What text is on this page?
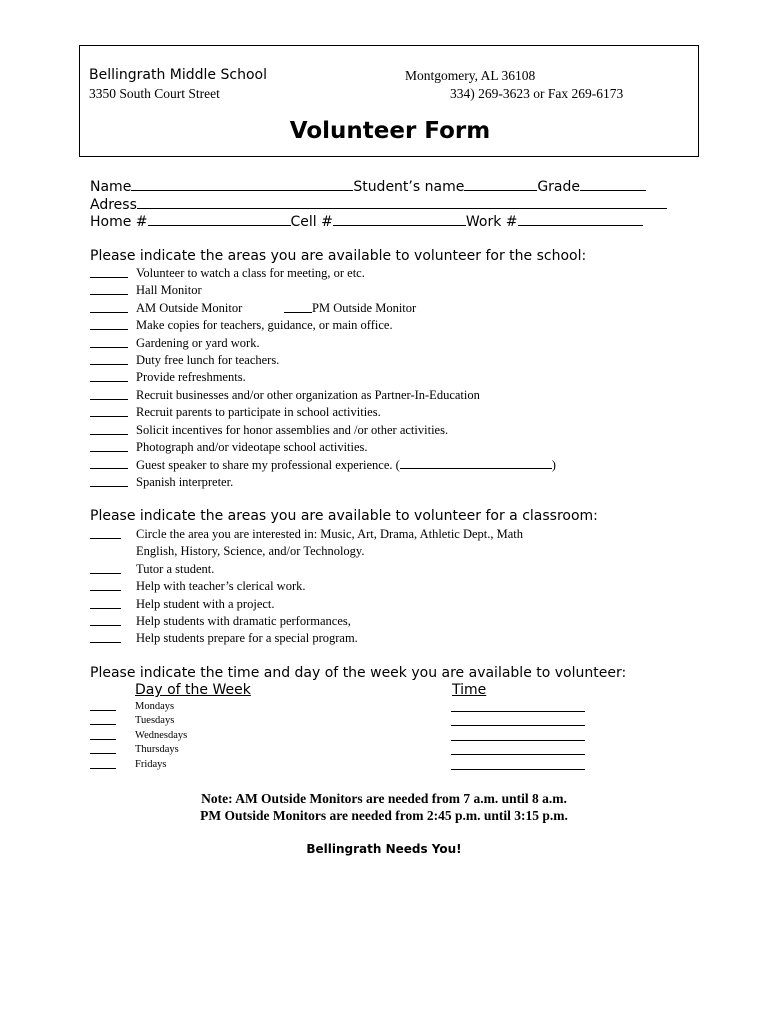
Bellingrath Middle School
3350 South Court Street
Montgomery, AL 36108
334) 269-3623 or Fax 269-6173
Volunteer Form
Name	Student’s name	Grade
Adress
Home #	Cell #	Work #
Please indicate the areas you are available to volunteer for the school:
Volunteer to watch a class for meeting, or etc.
Hall Monitor
AM Outside Monitor	PM Outside Monitor
Make copies for teachers, guidance, or main office.
Gardening or yard work.
Duty free lunch for teachers.
Provide refreshments.
Recruit businesses and/or other organization as Partner-In-Education
Recruit parents to participate in school activities.
Solicit incentives for honor assemblies and /or other activities.
Photograph and/or videotape school activities.
Guest speaker to share my professional experience. (	)
Spanish interpreter.
Please indicate the areas you are available to volunteer for a classroom:
Circle the area you are interested in: Music, Art, Drama, Athletic Dept., Math
English, History, Science, and/or Technology.
Tutor a student.
Help with teacher’s clerical work.
Help student with a project.
Help students with dramatic performances,
Help students prepare for a special program.
Please indicate the time and day of the week you are available to volunteer:
Day of the Week	Time
Mondays
Tuesdays
Wednesdays
Thursdays
Fridays
Note: AM Outside Monitors are needed from 7 a.m. until 8 a.m.
PM Outside Monitors are needed from 2:45 p.m. until 3:15 p.m.
Bellingrath Needs You!
